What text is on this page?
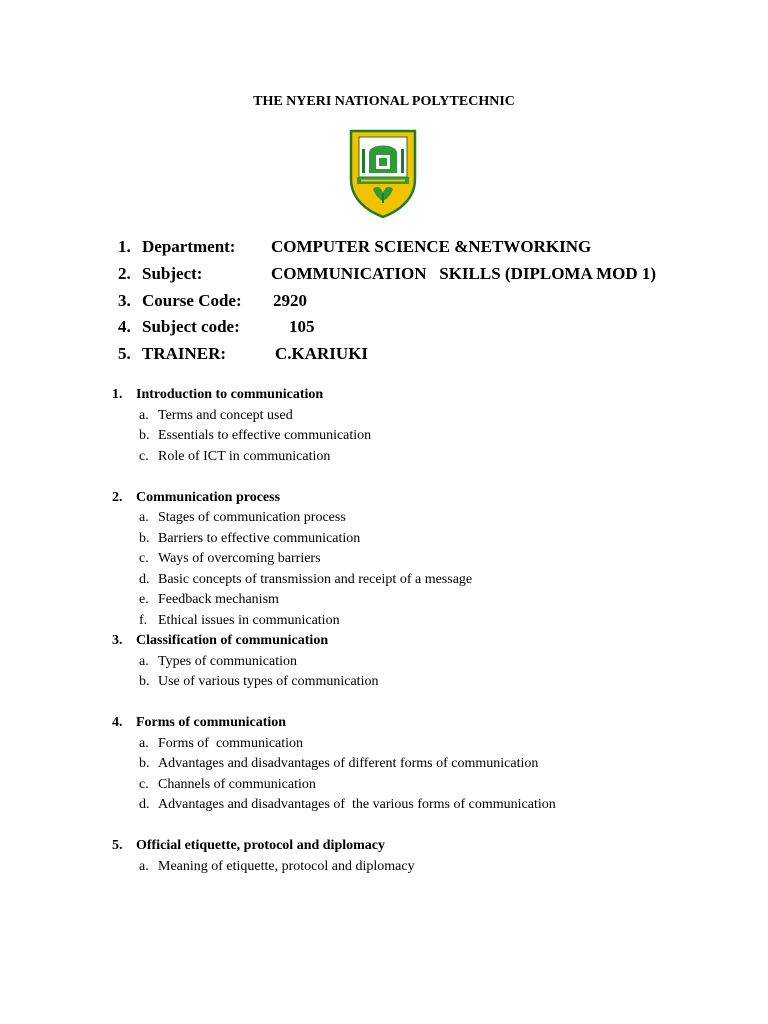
THE NYERI NATIONAL POLYTECHNIC
1. Department: COMPUTER SCIENCE &NETWORKING
2. Subject:	COMMUNICATION   SKILLS (DIPLOMA MOD 1)
3. Course Code: 2920
4. Subject code:	105
5. TRAINER:	C.KARIUKI
1. Introduction to communication
a. Terms and concept used
b. Essentials to effective communication
c. Role of ICT in communication
2. Communication process
a. Stages of communication process
b. Barriers to effective communication
c. Ways of overcoming barriers
d. Basic concepts of transmission and receipt of a message
e. Feedback mechanism
f. Ethical issues in communication
3. Classification of communication
a. Types of communication
b. Use of various types of communication
4. Forms of communication
a. Forms of  communication
b. Advantages and disadvantages of different forms of communication
c. Channels of communication
d. Advantages and disadvantages of  the various forms of communication
5. Official etiquette, protocol and diplomacy
a. Meaning of etiquette, protocol and diplomacy
